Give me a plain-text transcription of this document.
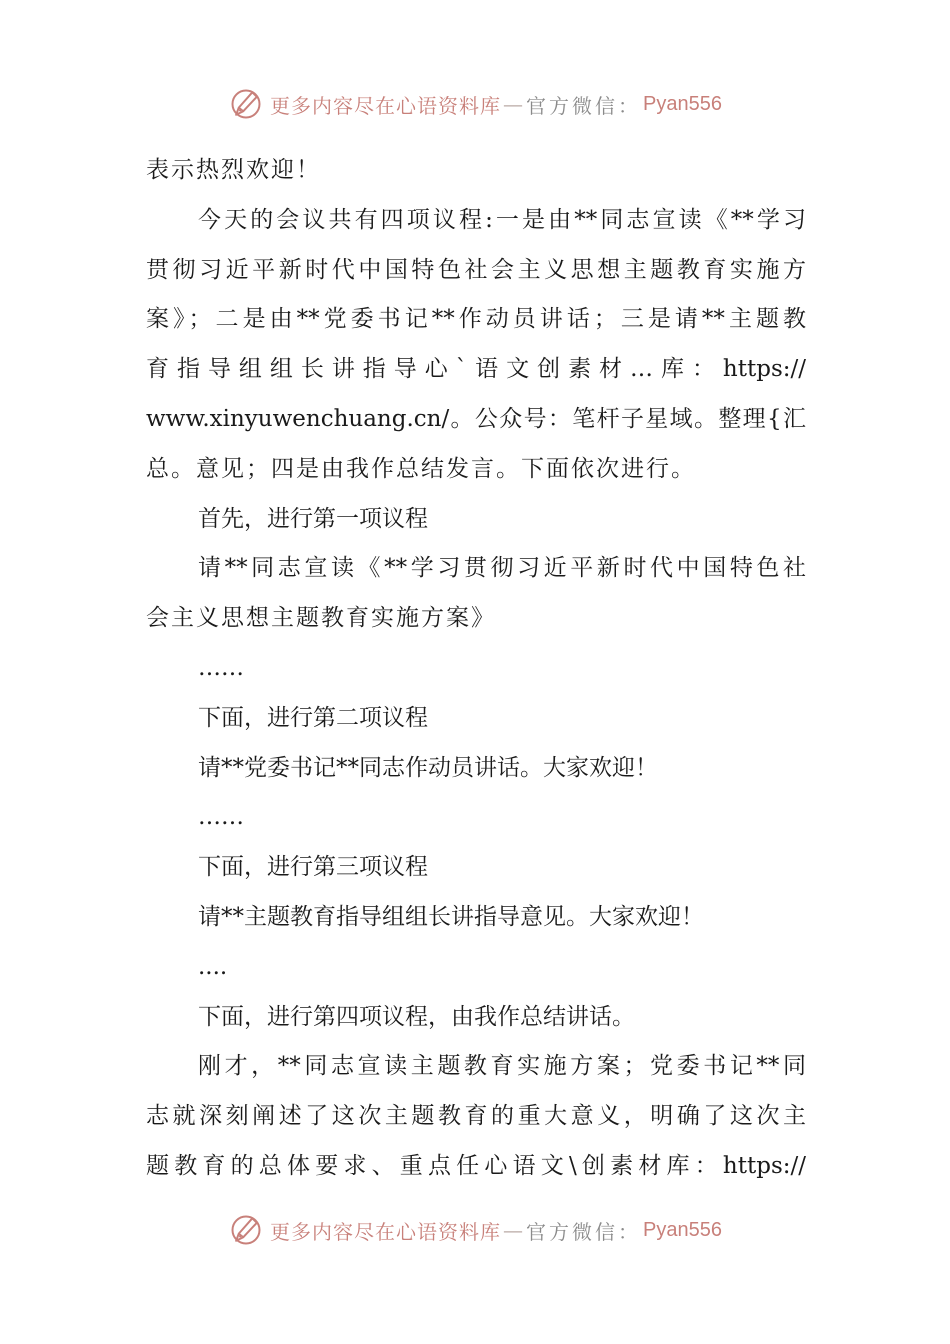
更多内容尽在心语资料库 — 官方微信： Pyan556

表示热烈欢迎！

今天的会议共有四项议程:一是由**同志宣读《**学习

贯彻习近平新时代中国特色社会主义思想主题教育实施方

案》；二是由**党委书记**作动员讲话；三是请**主题教

育指导组组长讲指导心`语文创素材…库：https://

www.xinyuwenchuang.cn/。公众号：笔杆子星域。整理{汇

总。意见；四是由我作总结发言。下面依次进行。

首先，进行第一项议程

请**同志宣读《**学习贯彻习近平新时代中国特色社

会主义思想主题教育实施方案》

……

下面，进行第二项议程

请**党委书记**同志作动员讲话。大家欢迎！

……

下面，进行第三项议程

请**主题教育指导组组长讲指导意见。大家欢迎！

....

下面，进行第四项议程，由我作总结讲话。

刚才，**同志宣读主题教育实施方案；党委书记**同

志就深刻阐述了这次主题教育的重大意义，明确了这次主

题教育的总体要求、重点任心语文\创素材库：https://

更多内容尽在心语资料库 — 官方微信： Pyan556
